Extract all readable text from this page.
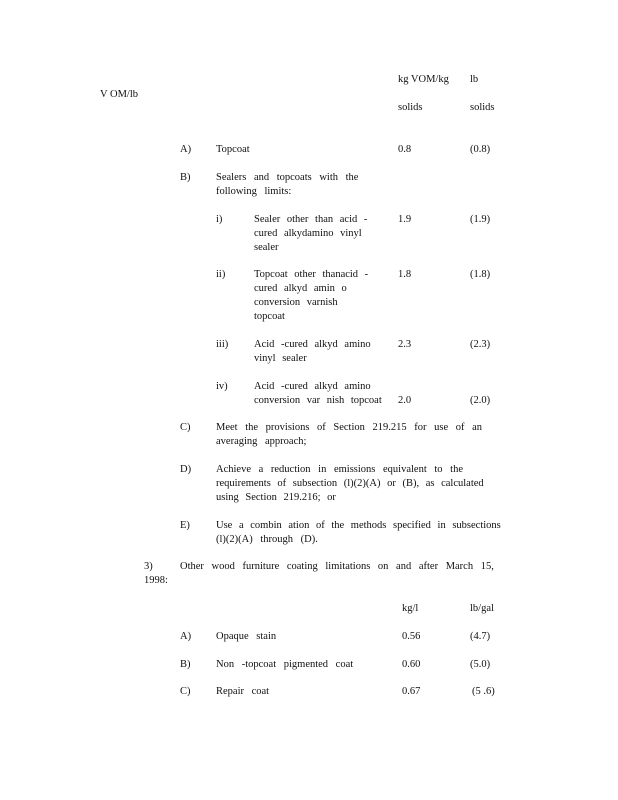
kg VOM/kg lb
V OM/lb
solids	solids
A) Topcoat	0.8	(0.8)
B) Sealers and topcoats with the
following limits:
i)	Sealer other than acid -
cured alkydamino vinyl
sealer
1.9	(1.9)
ii)	Topcoat other thanacid -
cured alkyd amin o
conversion varnish
topcoat
1.8	(1.8)
iii) Acid -cured alkyd amino
vinyl sealer
2.3	(2.3)
iv)	Acid -cured alkyd amino
conversion var nish topcoat 2.0	(2.0)
C) Meet the provisions of Section 219.215 for use of an
averaging approach;
D) Achieve a reduction in emissions equivalent to the
requirements of subsection (l)(2)(A) or (B), as calculated
using Section 219.216; or
E) Use a combin ation of the methods specified in subsections
(l)(2)(A) through (D).
3)	Other wood furniture coating limitations on and after March 15,
1998:
kg/l	lb/gal
A) Opaque stain	0.56	(4.7)
B) Non -topcoat pigmented coat	0.60	(5.0)
C) Repair coat	0.67	(5 .6)
